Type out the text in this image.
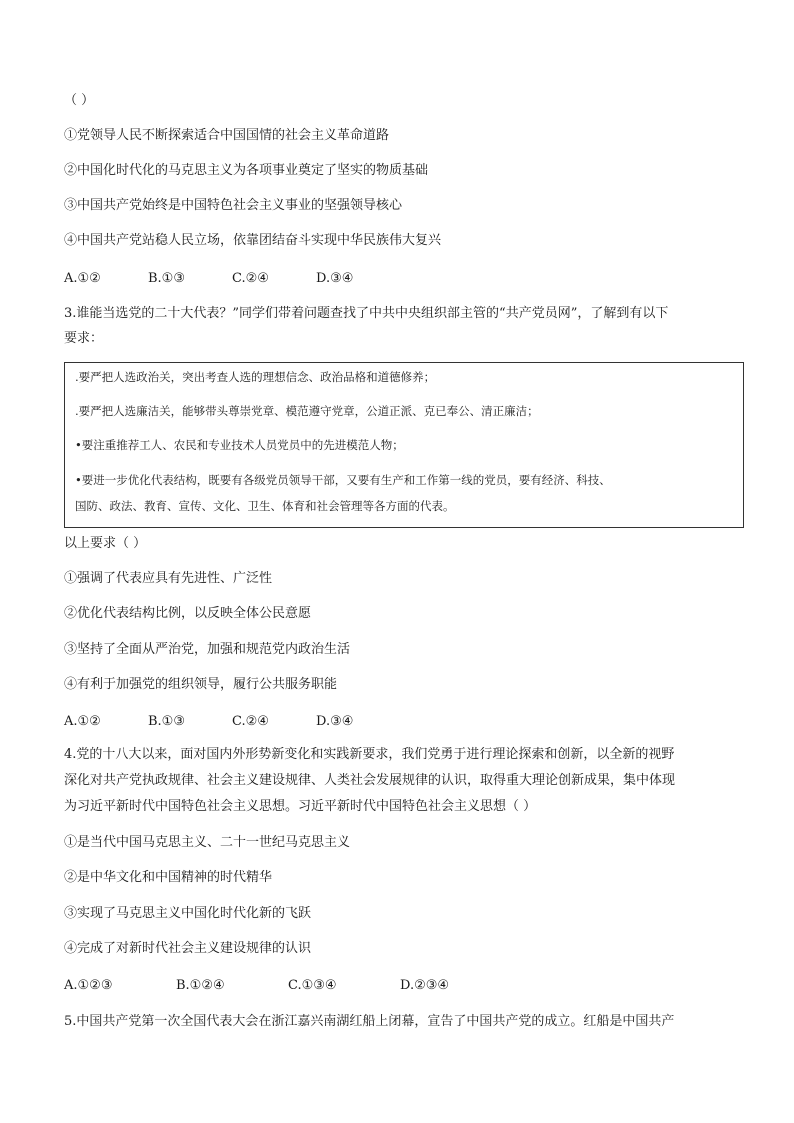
（ ）
①党领导人民不断探索适合中国国情的社会主义革命道路
②中国化时代化的马克思主义为各项事业奠定了坚实的物质基础
③中国共产党始终是中国特色社会主义事业的坚强领导核心
④中国共产党站稳人民立场，依靠团结奋斗实现中华民族伟大复兴
A.①②	B.①③	C.②④	D.③④
3.谁能当选党的二十大代表？”同学们带着问题查找了中共中央组织部主管的“共产党员网”，了解到有以下
要求：
.要严把人选政治关，突出考查人选的理想信念、政治品格和道德修养；
.要严把人选廉洁关，能够带头尊崇党章、模范遵守党章，公道正派、克已奉公、清正廉洁；
•要注重推荐工人、农民和专业技术人员党员中的先进模范人物；
•要进一步优化代表结构，既要有各级党员领导干部，又要有生产和工作第一线的党员，要有经济、科技、
国防、政法、教育、宣传、文化、卫生、体育和社会管理等各方面的代表。
以上要求（ ）
①强调了代表应具有先进性、广泛性
②优化代表结构比例，以反映全体公民意愿
③坚持了全面从严治党，加强和规范党内政治生活
④有利于加强党的组织领导，履行公共服务职能
A.①②	B.①③	C.②④	D.③④
4.党的十八大以来，面对国内外形势新变化和实践新要求，我们党勇于进行理论探索和创新，以全新的视野
深化对共产党执政规律、社会主义建设规律、人类社会发展规律的认识，取得重大理论创新成果，集中体现
为习近平新时代中国特色社会主义思想。习近平新时代中国特色社会主义思想（ ）
①是当代中国马克思主义、二十一世纪马克思主义
②是中华文化和中国精神的时代精华
③实现了马克思主义中国化时代化新的飞跃
④完成了对新时代社会主义建设规律的认识
A.①②③	B.①②④	C.①③④	D.②③④
5.中国共产党第一次全国代表大会在浙江嘉兴南湖红船上闭幕，宣告了中国共产党的成立。红船是中国共产
